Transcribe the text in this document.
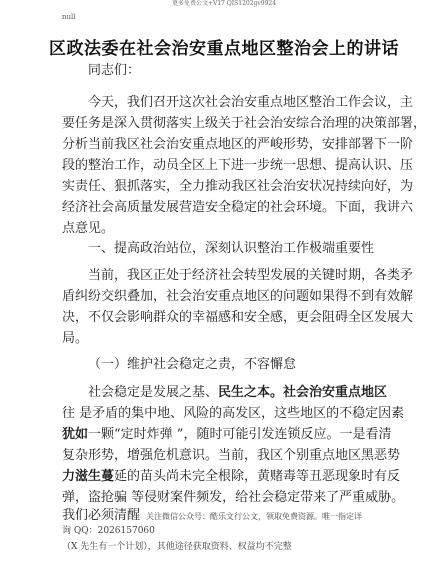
更多免费公文+V17 QIS1202gv9924
null
区政法委在社会治安重点地区整治会上的讲话
同志们：
今天，我们召开这次社会治安重点地区整治工作会议，主
要任务是深入贯彻落实上级关于社会治安综合治理的决策部署，
分析当前我区社会治安重点地区的严峻形势，安排部署下一阶
段的整治工作，动员全区上下进一步统一思想、提高认识、压
实责任、狠抓落实，全力推动我区社会治安状况持续向好，为
经济社会高质量发展营造安全稳定的社会环境。下面，我讲六
点意见。
一、提高政治站位，深刻认识整治工作极端重要性
当前，我区正处于经济社会转型发展的关键时期，各类矛
盾纠纷交织叠加，社会治安重点地区的问题如果得不到有效解
决，不仅会影响群众的幸福感和安全感，更会阻碍全区发展大
局。
（一）维护社会稳定之责，不容懈怠
社会稳定是发展之基、民生之本。社会治安重点地区
往 是矛盾的集中地、风险的高发区，这些地区的不稳定因素
犹如一颗“定时炸弹 ”，随时可能引发连锁反应。一是看清
复杂形势，增强危机意识。当前，我区个别重点地区黑恶势
力滋生蔓延的苗头尚未完全根除，黄赌毒等丑恶现象时有反
弹，盗抢骗 等侵财案件频发，给社会稳定带来了严重威胁。
我们必须清醒 关注微信公众号：酷乐文行公文，领取免费资源。唯一指定详
询 QQ：2026157060
（X 先生有一个计划），其他途径获取资料、权益均不完整
